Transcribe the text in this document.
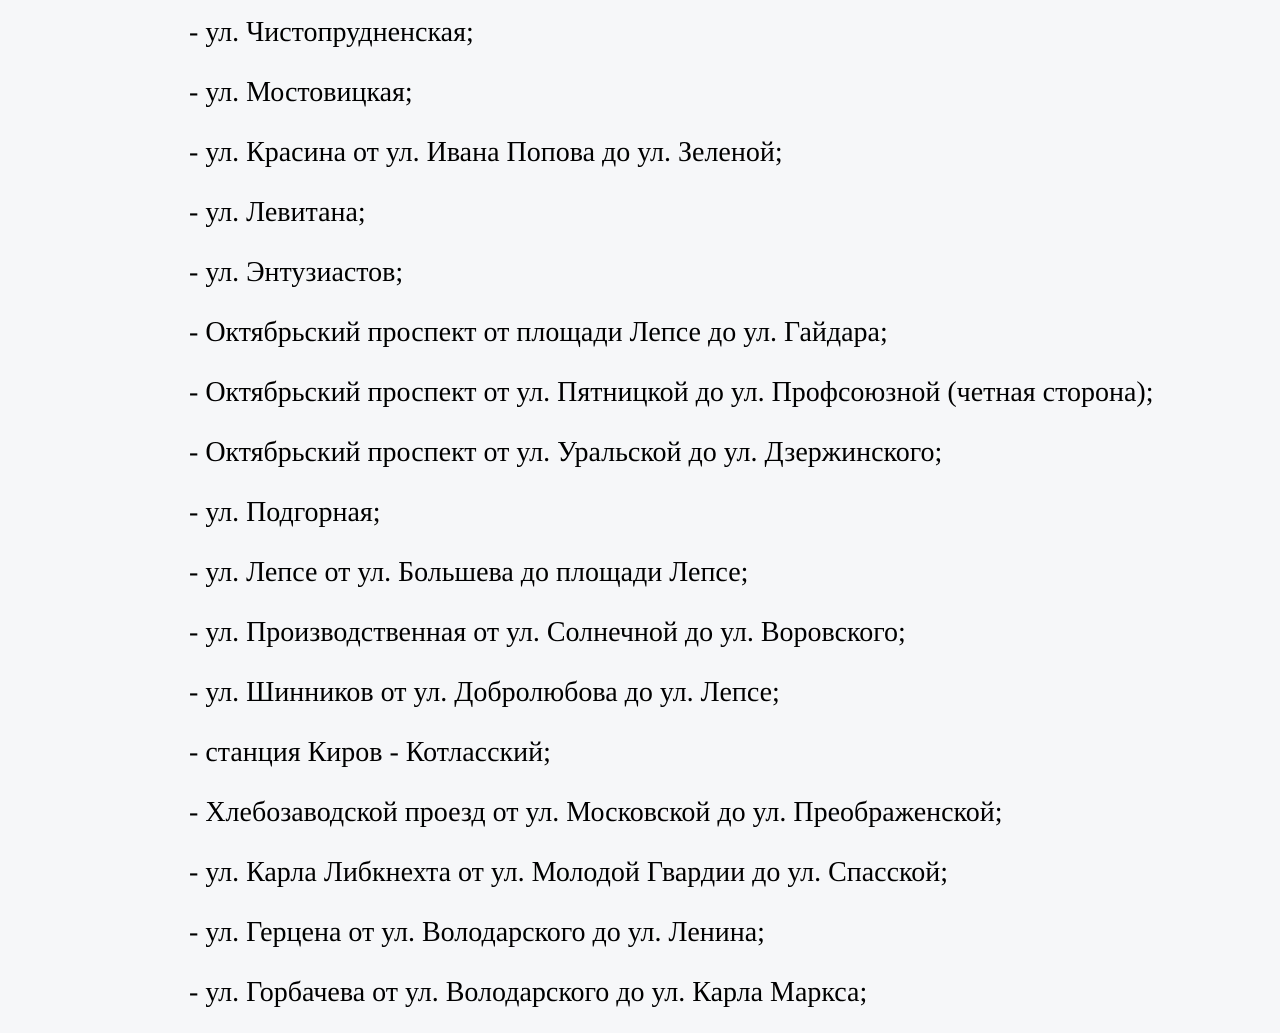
- ул. Чистопрудненская;
- ул. Мостовицкая;
- ул. Красина от ул. Ивана Попова до ул. Зеленой;
- ул. Левитана;
- ул. Энтузиастов;
- Октябрьский проспект от площади Лепсе до ул. Гайдара;
- Октябрьский проспект от ул. Пятницкой до ул. Профсоюзной (четная сторона);
- Октябрьский проспект от ул. Уральской до ул. Дзержинского;
- ул. Подгорная;
- ул. Лепсе от ул. Большева до площади Лепсе;
- ул. Производственная от ул. Солнечной до ул. Воровского;
- ул. Шинников от ул. Добролюбова до ул. Лепсе;
- станция Киров - Котласский;
- Хлебозаводской проезд от ул. Московской до ул. Преображенской;
- ул. Карла Либкнехта от ул. Молодой Гвардии до ул. Спасской;
- ул. Герцена от ул. Володарского до ул. Ленина;
- ул. Горбачева от ул. Володарского до ул. Карла Маркса;
